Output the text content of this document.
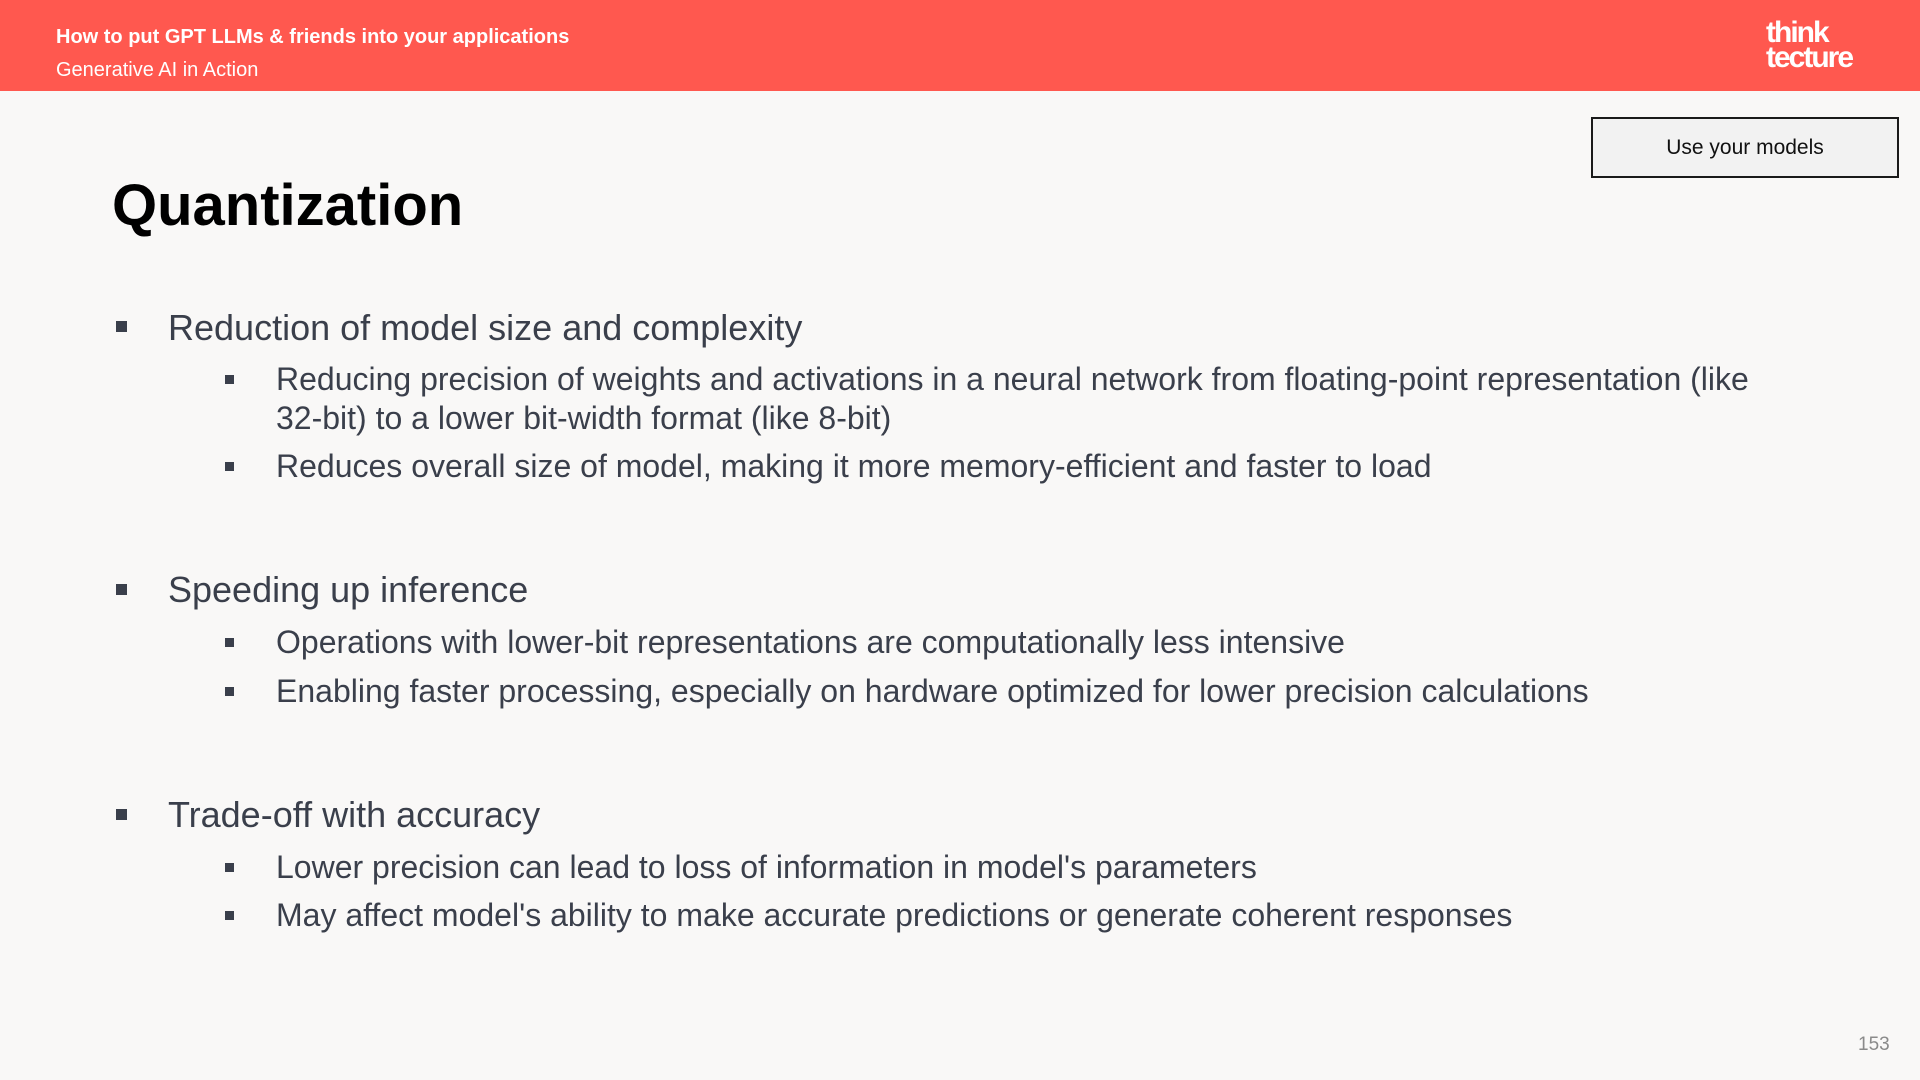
How to put GPT LLMs & friends into your applications
Generative AI in Action
think
tecture
Use your models
Quantization
Reduction of model size and complexity
Reducing precision of weights and activations in a neural network from floating-point representation (like 32-bit) to a lower bit-width format (like 8-bit)
Reduces overall size of model, making it more memory-efficient and faster to load
Speeding up inference
Operations with lower-bit representations are computationally less intensive
Enabling faster processing, especially on hardware optimized for lower precision calculations
Trade-off with accuracy
Lower precision can lead to loss of information in model's parameters
May affect model's ability to make accurate predictions or generate coherent responses
153
